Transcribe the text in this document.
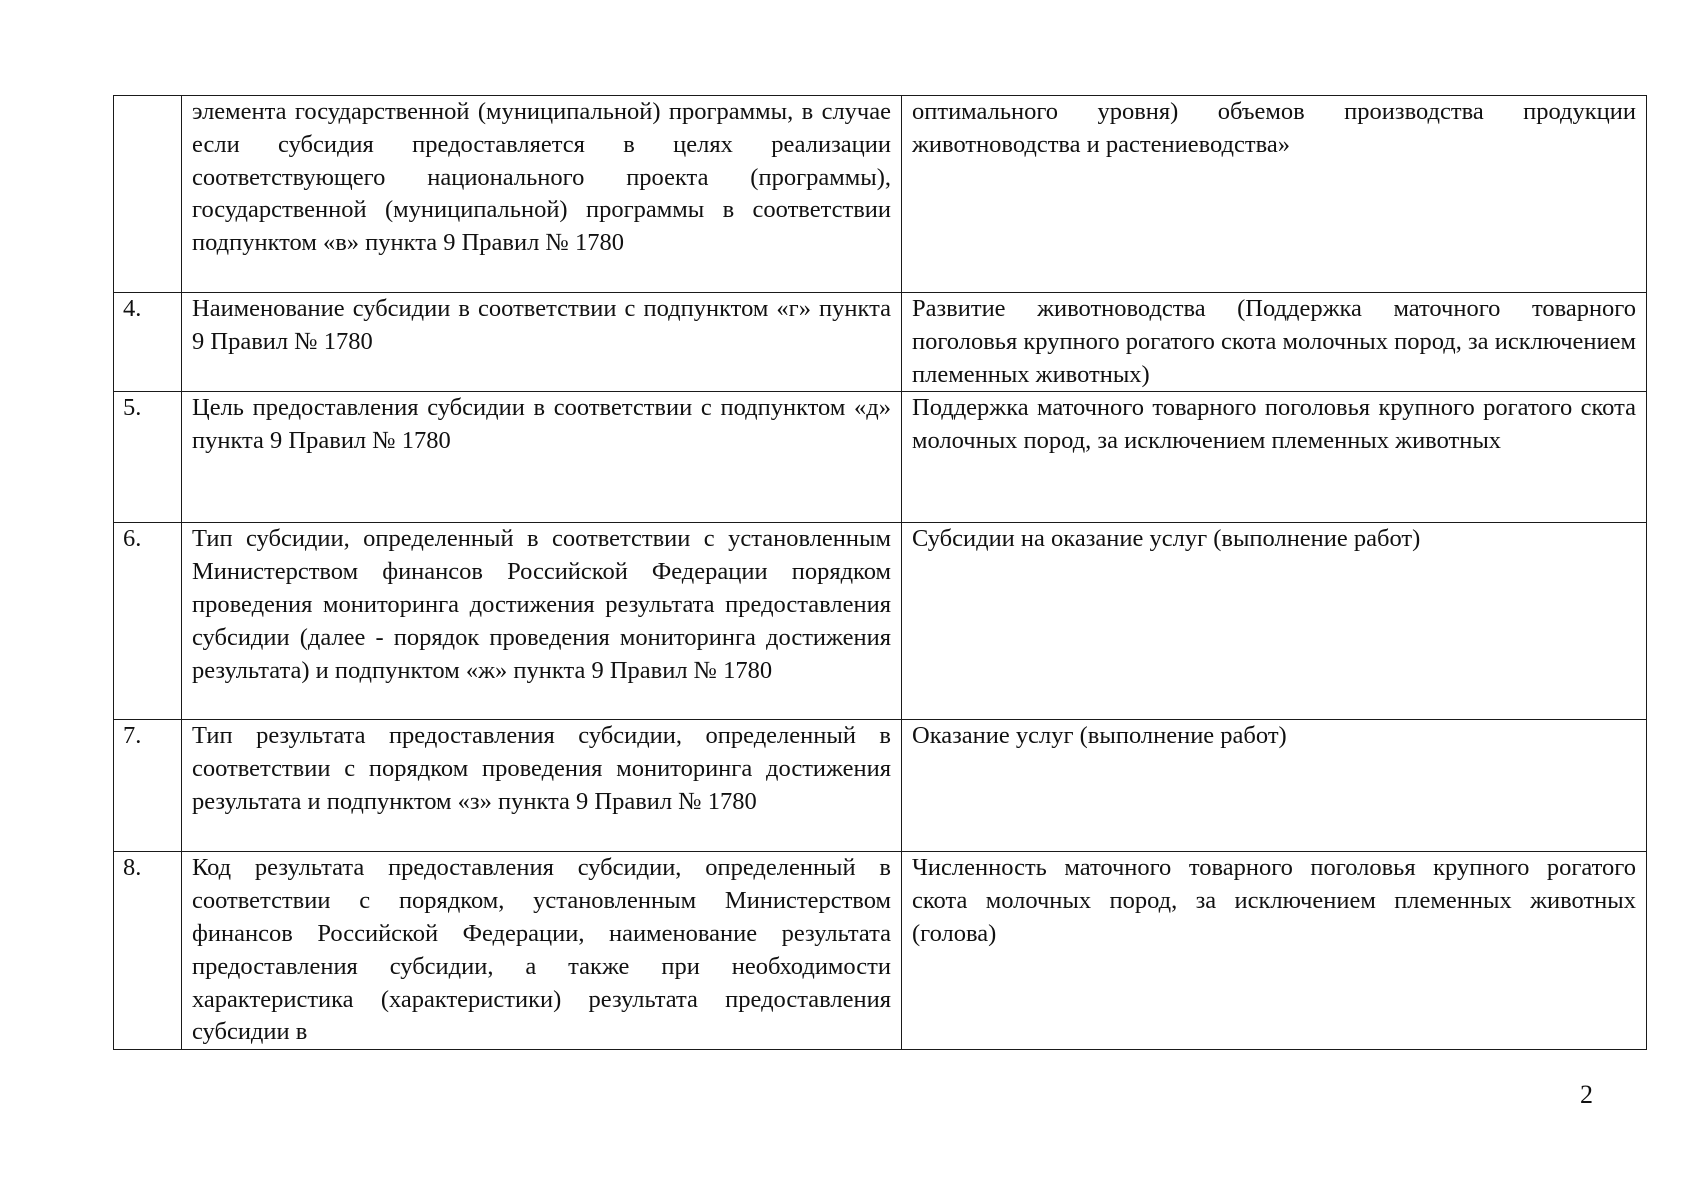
	элемента государственной (муниципальной) программы, в случае если субсидия предоставляется в целях реализации соответствующего национального проекта (программы), государственной (муниципальной) программы в соответствии подпунктом «в» пункта 9 Правил № 1780	оптимального уровня) объемов производства продукции животноводства и растениеводства»
4.	Наименование субсидии в соответствии с подпунктом «г» пункта 9 Правил № 1780	Развитие животноводства (Поддержка маточного товарного поголовья крупного рогатого скота молочных пород, за исключением племенных животных)
5.	Цель предоставления субсидии в соответствии с подпунктом «д» пункта 9 Правил № 1780	Поддержка маточного товарного поголовья крупного рогатого скота молочных пород, за исключением племенных животных
6.	Тип субсидии, определенный в соответствии с установленным Министерством финансов Российской Федерации порядком проведения мониторинга достижения результата предоставления субсидии (далее - порядок проведения мониторинга достижения результата) и подпунктом «ж» пункта 9 Правил № 1780	Субсидии на оказание услуг (выполнение работ)
7.	Тип результата предоставления субсидии, определенный в соответствии с порядком проведения мониторинга достижения результата и подпунктом «з» пункта 9 Правил № 1780	Оказание услуг (выполнение работ)
8.	Код результата предоставления субсидии, определенный в соответствии с порядком, установленным Министерством финансов Российской Федерации, наименование результата предоставления субсидии, а также при необходимости характеристика (характеристики) результата предоставления субсидии в	Численность маточного товарного поголовья крупного рогатого скота молочных пород, за исключением племенных животных (голова)
2
